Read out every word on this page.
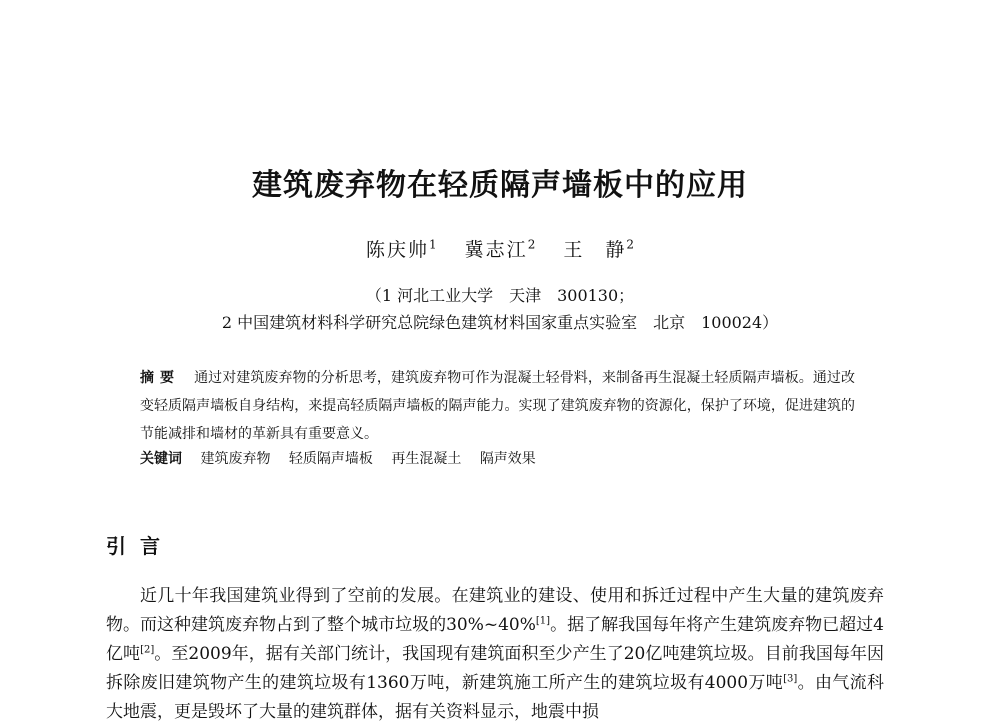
建筑废弃物在轻质隔声墙板中的应用
陈庆帅$^1$ 冀志江$^2$ 王　静$^2$
（1 河北工业大学　天津　300130；
2 中国建筑材料科学研究总院绿色建筑材料国家重点实验室　北京　100024）
摘要 通过对建筑废弃物的分析思考，建筑废弃物可作为混凝土轻骨料，来制备再生混凝土轻质隔声墙板。通过改变轻质隔声墙板自身结构，来提高轻质隔声墙板的隔声能力。实现了建筑废弃物的资源化，保护了环境，促进建筑的节能减排和墙材的革新具有重要意义。
关键词 建筑废弃物 轻质隔声墙板 再生混凝土 隔声效果
引言
近几十年我国建筑业得到了空前的发展。在建筑业的建设、使用和拆迁过程中产生大量的建筑废弃物。而这种建筑废弃物占到了整个城市垃圾的30%~40%[1]。据了解我国每年将产生建筑废弃物已超过4亿吨[2]。至2009年，据有关部门统计，我国现有建筑面积至少产生了20亿吨建筑垃圾。目前我国每年因拆除废旧建筑物产生的建筑垃圾有1360万吨，新建筑施工所产生的建筑垃圾有4000万吨[3]。由气流科大地震，更是毁坏了大量的建筑群体，据有关资料显示，地震中损
